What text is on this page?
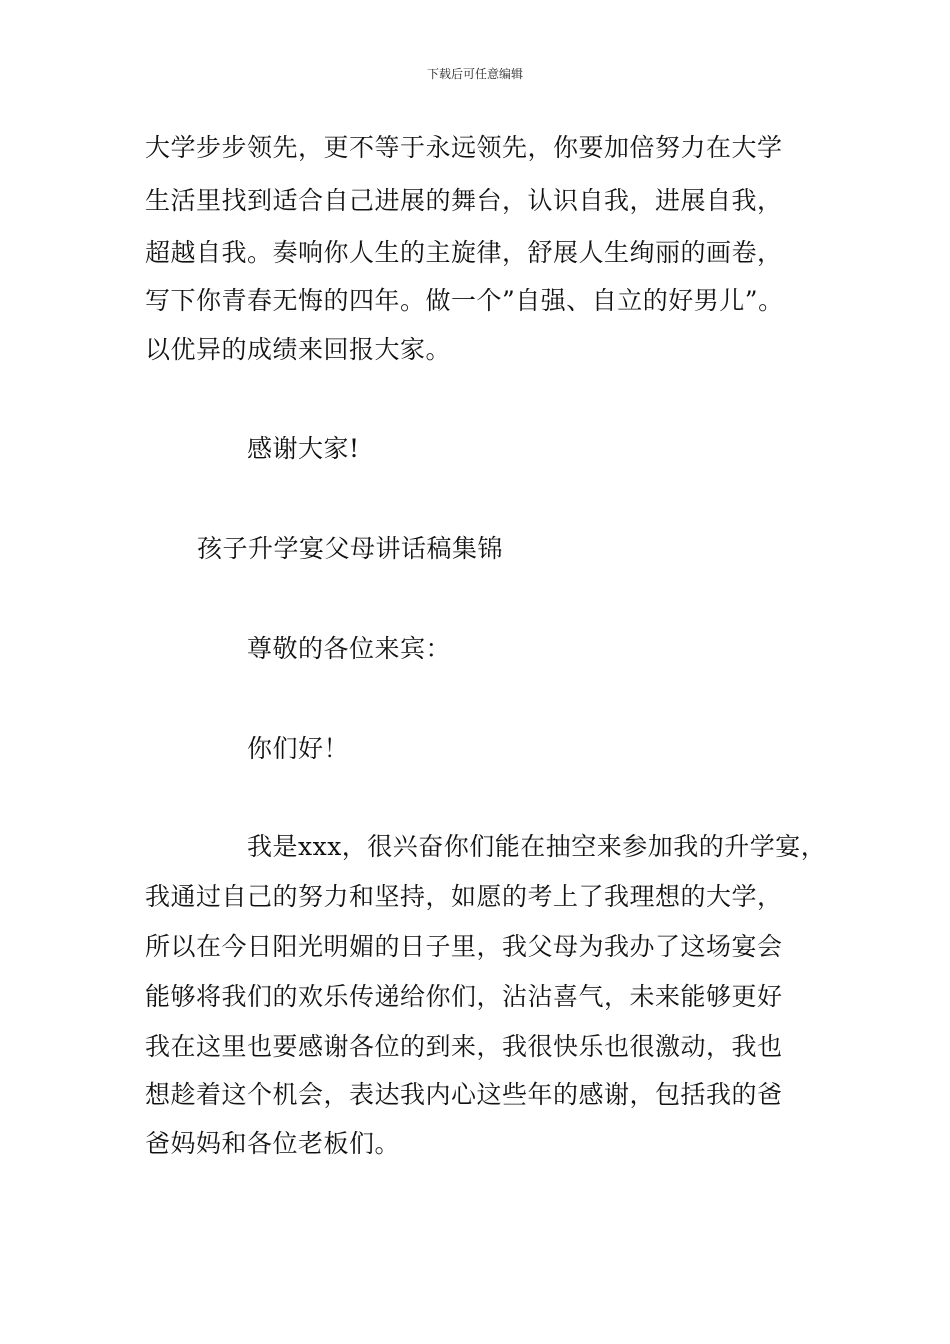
下载后可任意编辑
大学步步领先，更不等于永远领先，你要加倍努力在大学
生活里找到适合自己进展的舞台，认识自我，进展自我，
超越自我。奏响你人生的主旋律，舒展人生绚丽的画卷，
写下你青春无悔的四年。做一个”自强、自立的好男儿”。
以优异的成绩来回报大家。
感谢大家!
孩子升学宴父母讲话稿集锦
尊敬的各位来宾：
你们好！
我是xxx，很兴奋你们能在抽空来参加我的升学宴，
我通过自己的努力和坚持，如愿的考上了我理想的大学，
所以在今日阳光明媚的日子里，我父母为我办了这场宴会
能够将我们的欢乐传递给你们，沾沾喜气，未来能够更好
我在这里也要感谢各位的到来，我很快乐也很激动，我也
想趁着这个机会，表达我内心这些年的感谢，包括我的爸
爸妈妈和各位老板们。
